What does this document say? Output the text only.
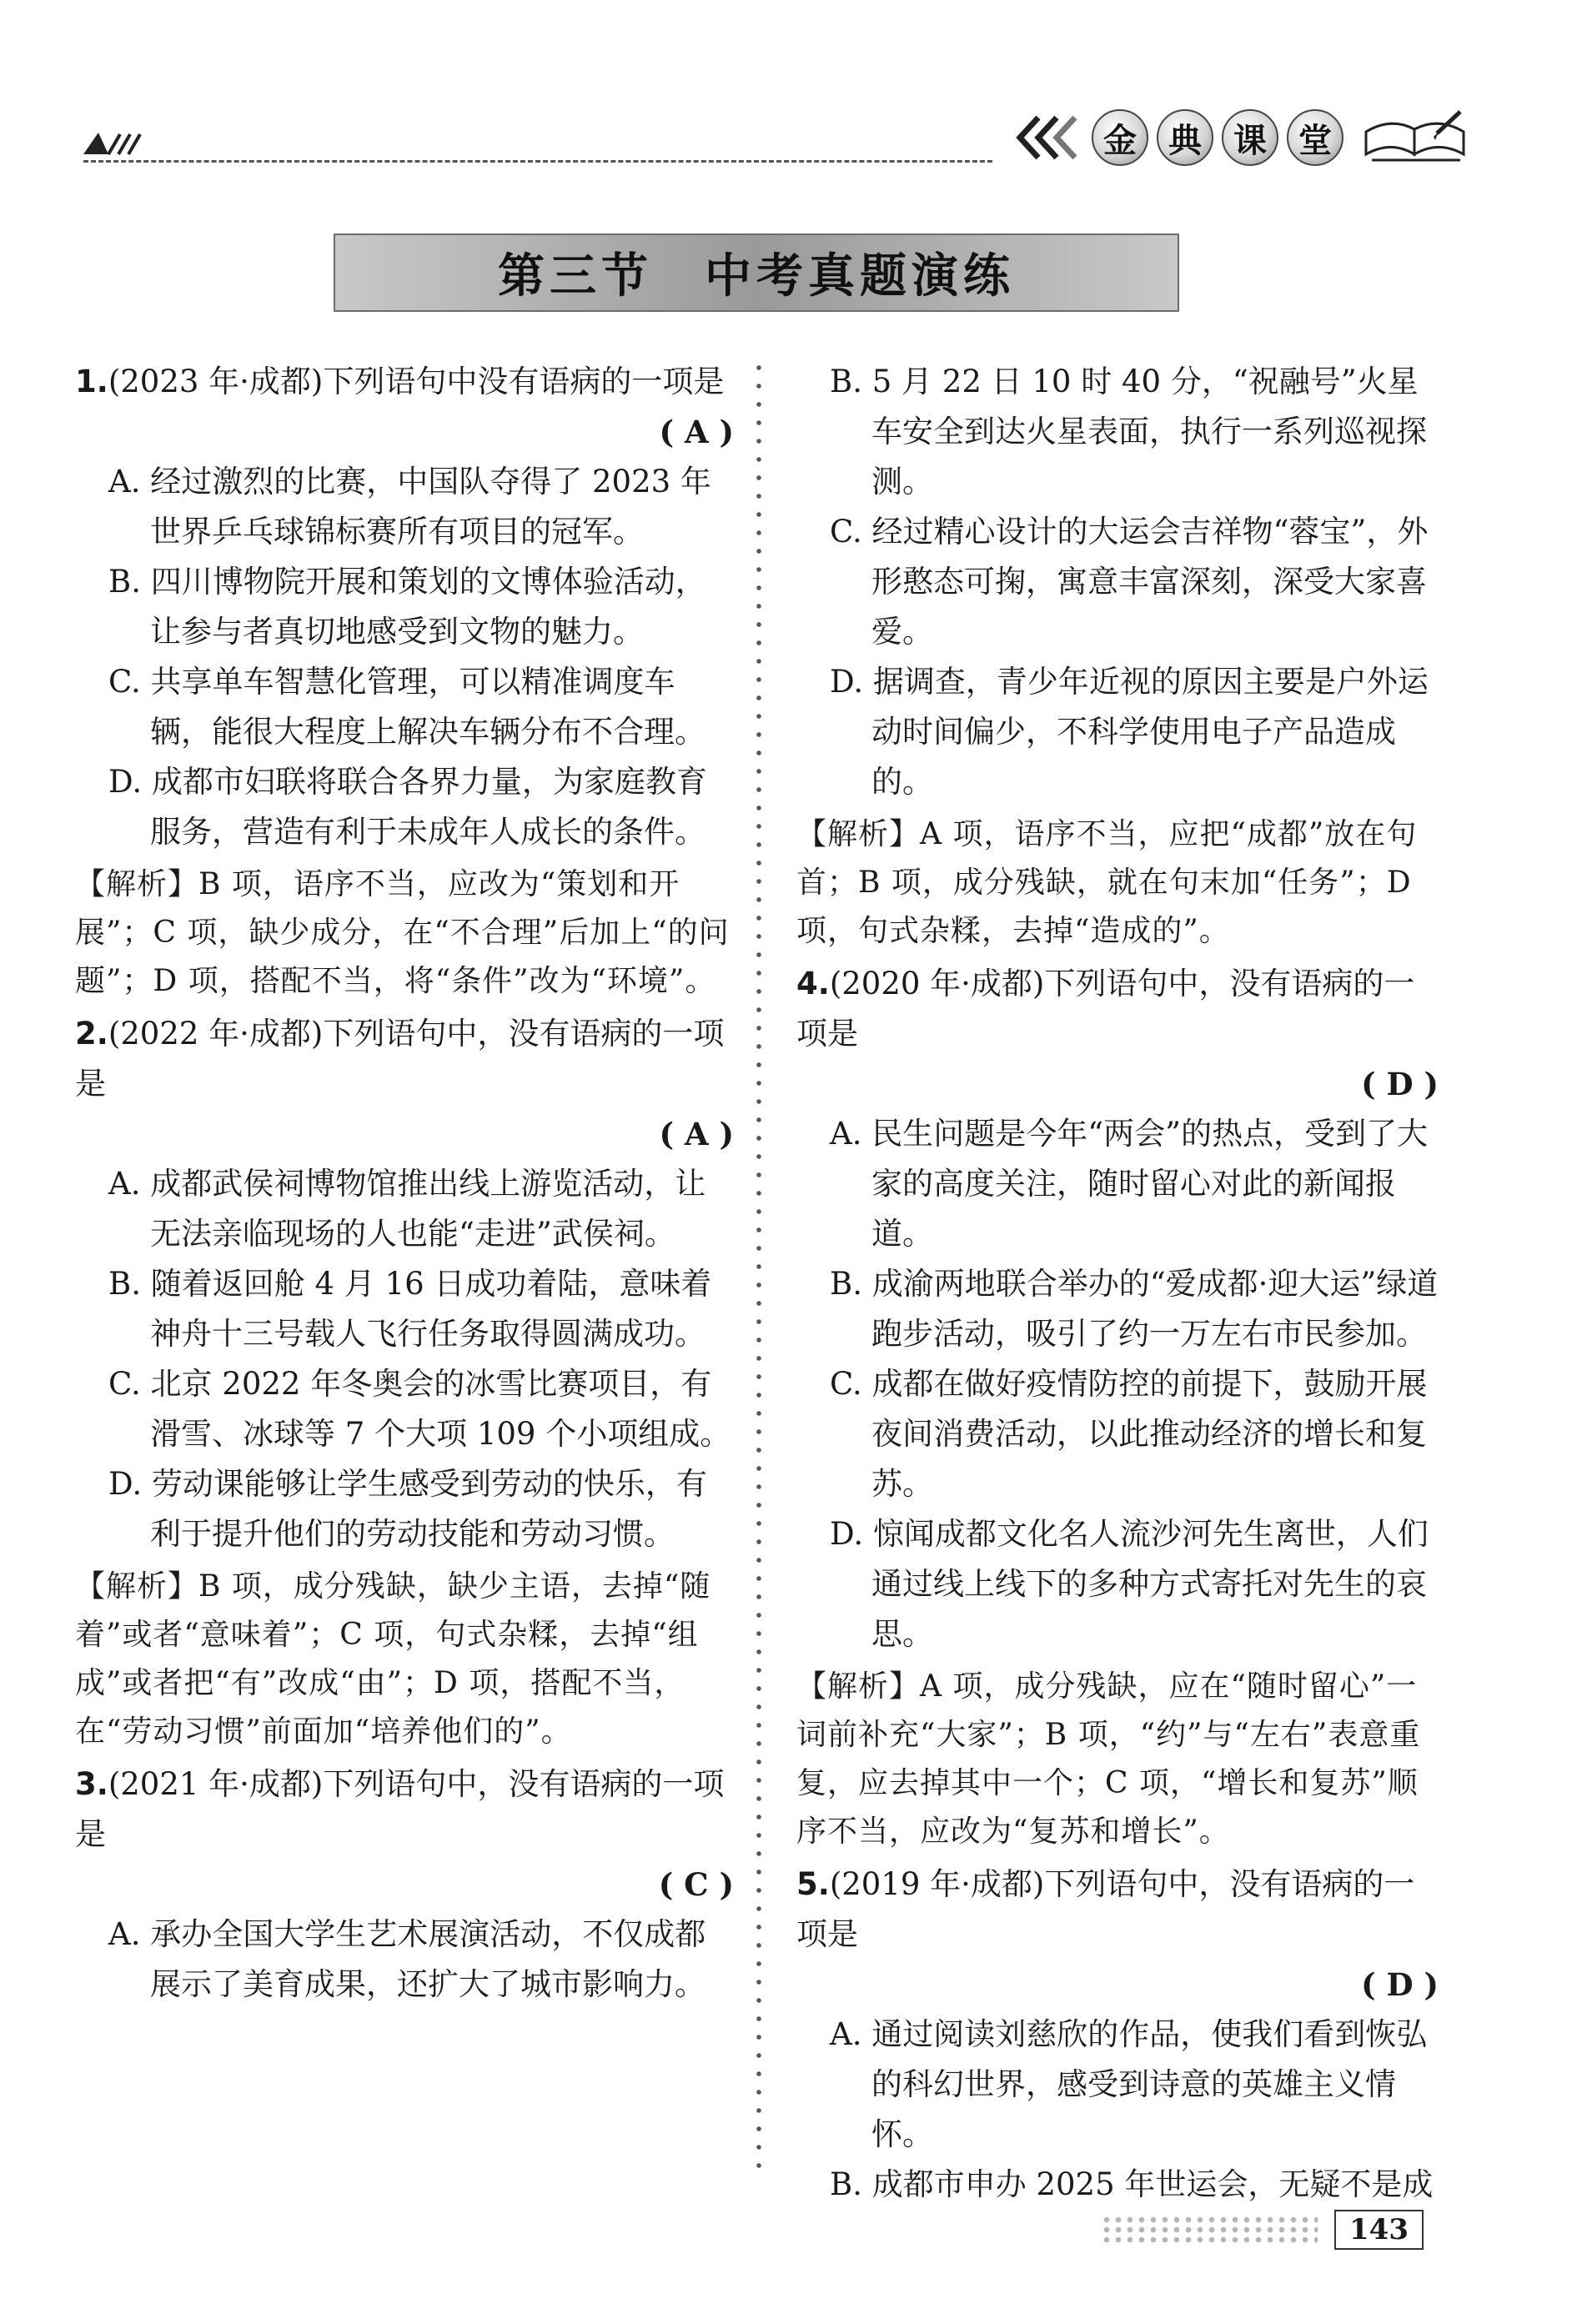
金 典 课 堂
第三节　中考真题演练
1.(2023 年·成都)下列语句中没有语病的一项是
( A )

A. 经过激烈的比赛，中国队夺得了 2023 年世界乒乓球锦标赛所有项目的冠军。

B. 四川博物院开展和策划的文博体验活动，让参与者真切地感受到文物的魅力。

C. 共享单车智慧化管理，可以精准调度车辆，能很大程度上解决车辆分布不合理。

D. 成都市妇联将联合各界力量，为家庭教育服务，营造有利于未成年人成长的条件。

【解析】B 项，语序不当，应改为“策划和开展”；C 项，缺少成分，在“不合理”后加上“的问题”；D 项，搭配不当，将“条件”改为“环境”。

2.(2022 年·成都)下列语句中，没有语病的一项是
( A )

A. 成都武侯祠博物馆推出线上游览活动，让无法亲临现场的人也能“走进”武侯祠。

B. 随着返回舱 4 月 16 日成功着陆，意味着神舟十三号载人飞行任务取得圆满成功。

C. 北京 2022 年冬奥会的冰雪比赛项目，有滑雪、冰球等 7 个大项 109 个小项组成。

D. 劳动课能够让学生感受到劳动的快乐，有利于提升他们的劳动技能和劳动习惯。

【解析】B 项，成分残缺，缺少主语，去掉“随着”或者“意味着”；C 项，句式杂糅，去掉“组成”或者把“有”改成“由”；D 项，搭配不当，在“劳动习惯”前面加“培养他们的”。

3.(2021 年·成都)下列语句中，没有语病的一项是
( C )

A. 承办全国大学生艺术展演活动，不仅成都展示了美育成果，还扩大了城市影响力。

B. 5 月 22 日 10 时 40 分，“祝融号”火星车安全到达火星表面，执行一系列巡视探测。

C. 经过精心设计的大运会吉祥物“蓉宝”，外形憨态可掬，寓意丰富深刻，深受大家喜爱。

D. 据调查，青少年近视的原因主要是户外运动时间偏少，不科学使用电子产品造成的。

【解析】A 项，语序不当，应把“成都”放在句首；B 项，成分残缺，就在句末加“任务”；D 项，句式杂糅，去掉“造成的”。

4.(2020 年·成都)下列语句中，没有语病的一项是
( D )

A. 民生问题是今年“两会”的热点，受到了大家的高度关注，随时留心对此的新闻报道。

B. 成渝两地联合举办的“爱成都·迎大运”绿道跑步活动，吸引了约一万左右市民参加。

C. 成都在做好疫情防控的前提下，鼓励开展夜间消费活动，以此推动经济的增长和复苏。

D. 惊闻成都文化名人流沙河先生离世，人们通过线上线下的多种方式寄托对先生的哀思。

【解析】A 项，成分残缺，应在“随时留心”一词前补充“大家”；B 项，“约”与“左右”表意重复，应去掉其中一个；C 项，“增长和复苏”顺序不当，应改为“复苏和增长”。

5.(2019 年·成都)下列语句中，没有语病的一项是
( D )

A. 通过阅读刘慈欣的作品，使我们看到恢弘的科幻世界，感受到诗意的英雄主义情怀。

B. 成都市申办 2025 年世运会，无疑不是成

143
